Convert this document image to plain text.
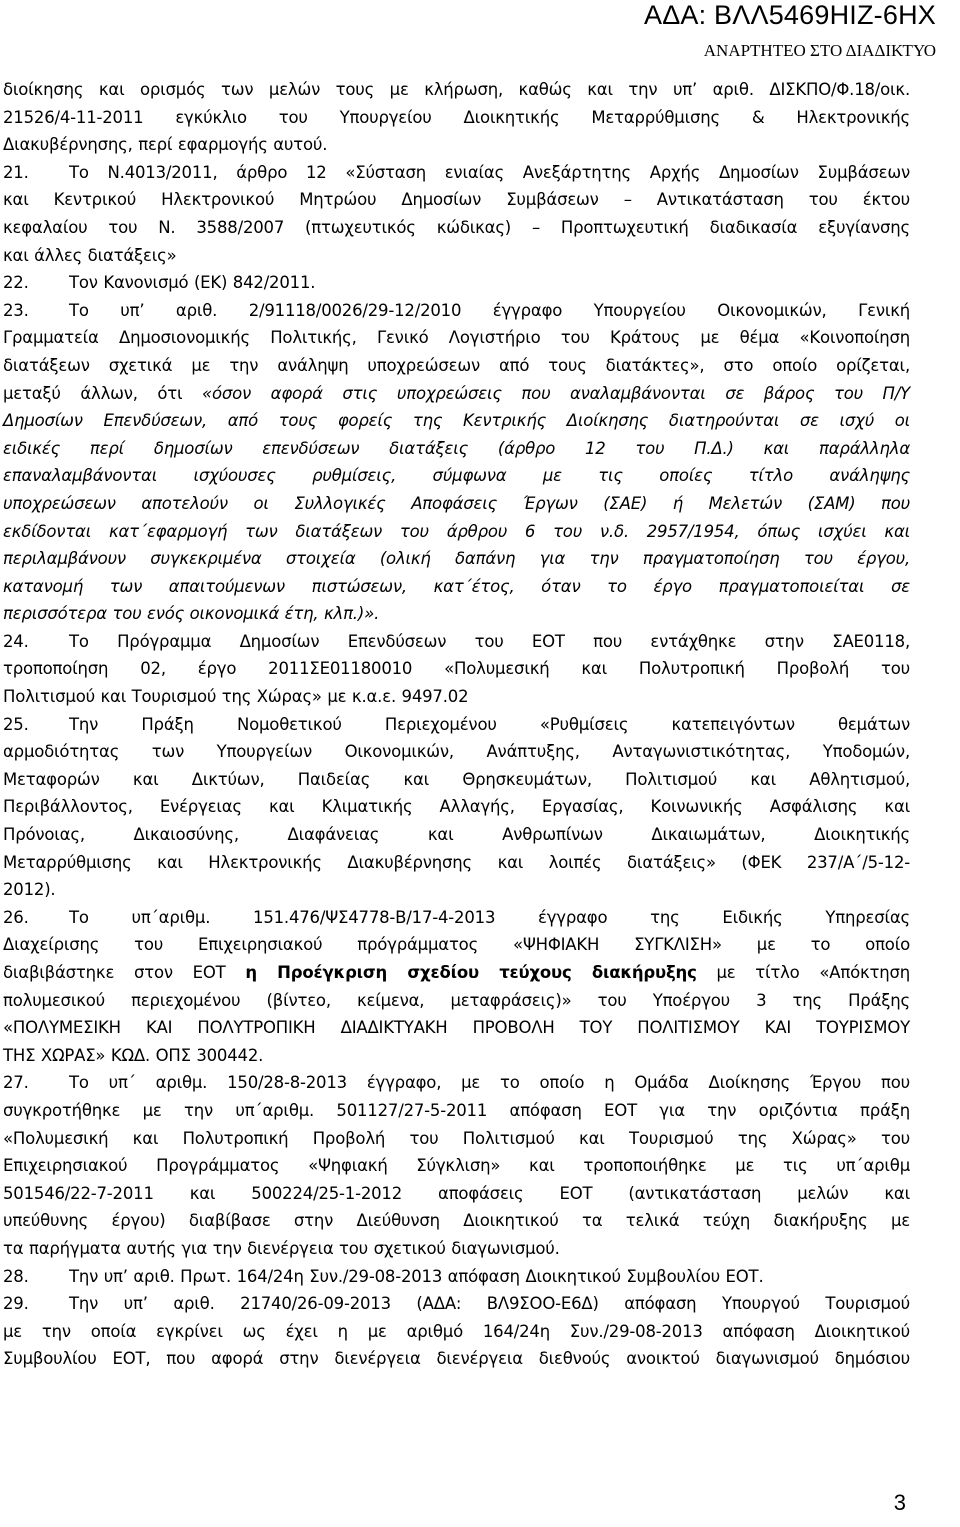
ΑΔΑ: ΒΛΛ5469ΗΙΖ-6ΗΧ
ΑΝΑΡΤΗΤΕΟ ΣΤΟ ΔΙΑΔΙΚΤΥΟ
διοίκησης και ορισμός των μελών τους με κλήρωση, καθώς και την υπ’ αριθ. ΔΙΣΚΠΟ/Φ.18/οικ.
21526/4-11-2011 εγκύκλιο του Υπουργείου Διοικητικής Μεταρρύθμισης & Ηλεκτρονικής
Διακυβέρνησης, περί εφαρμογής αυτού.
21. Το Ν.4013/2011, άρθρο 12 «Σύσταση ενιαίας Ανεξάρτητης Αρχής Δημοσίων Συμβάσεων
και Κεντρικού Ηλεκτρονικού Μητρώου Δημοσίων Συμβάσεων – Αντικατάσταση του έκτου
κεφαλαίου του Ν. 3588/2007 (πτωχευτικός κώδικας) – Προπτωχευτική διαδικασία εξυγίανσης
και άλλες διατάξεις»
22. Τον Κανονισμό (ΕΚ) 842/2011.
23. Το υπ’ αριθ. 2/91118/0026/29-12/2010 έγγραφο Υπουργείου Οικονομικών, Γενική
Γραμματεία Δημοσιονομικής Πολιτικής, Γενικό Λογιστήριο του Κράτους με θέμα «Κοινοποίηση
διατάξεων σχετικά με την ανάληψη υποχρεώσεων από τους διατάκτες», στο οποίο ορίζεται,
μεταξύ άλλων, ότι «όσον αφορά στις υποχρεώσεις που αναλαμβάνονται σε βάρος του Π/Υ
Δημοσίων Επενδύσεων, από τους φορείς της Κεντρικής Διοίκησης διατηρούνται σε ισχύ οι
ειδικές περί δημοσίων επενδύσεων διατάξεις (άρθρο 12 του Π.Δ.) και παράλληλα
επαναλαμβάνονται ισχύουσες ρυθμίσεις, σύμφωνα με τις οποίες τίτλο ανάληψης
υποχρεώσεων αποτελούν οι Συλλογικές Αποφάσεις Έργων (ΣΑΕ) ή Μελετών (ΣΑΜ) που
εκδίδονται κατ΄εφαρμογή των διατάξεων του άρθρου 6 του ν.δ. 2957/1954, όπως ισχύει και
περιλαμβάνουν συγκεκριμένα στοιχεία (ολική δαπάνη για την πραγματοποίηση του έργου,
κατανομή των απαιτούμενων πιστώσεων, κατ΄έτος, όταν το έργο πραγματοποιείται σε
περισσότερα του ενός οικονομικά έτη, κλπ.)».
24. Το Πρόγραμμα Δημοσίων Επενδύσεων του ΕΟΤ που εντάχθηκε στην ΣΑΕ0118,
τροποποίηση 02, έργο 2011ΣΕ01180010 «Πολυμεσική και Πολυτροπική Προβολή του
Πολιτισμού και Τουρισμού της Χώρας» με κ.α.ε. 9497.02
25. Την Πράξη Νομοθετικού Περιεχομένου «Ρυθμίσεις κατεπειγόντων θεμάτων
αρμοδιότητας των Υπουργείων Οικονομικών, Ανάπτυξης, Ανταγωνιστικότητας, Υποδομών,
Μεταφορών και Δικτύων, Παιδείας και Θρησκευμάτων, Πολιτισμού και Αθλητισμού,
Περιβάλλοντος, Ενέργειας και Κλιματικής Αλλαγής, Εργασίας, Κοινωνικής Ασφάλισης και
Πρόνοιας, Δικαιοσύνης, Διαφάνειας και Ανθρωπίνων Δικαιωμάτων, Διοικητικής
Μεταρρύθμισης και Ηλεκτρονικής Διακυβέρνησης και λοιπές διατάξεις» (ΦΕΚ 237/Α΄/5-12-
2012).
26. Το υπ΄αριθμ. 151.476/ΨΣ4778-Β/17-4-2013 έγγραφο της Ειδικής Υπηρεσίας
Διαχείρισης του Επιχειρησιακού πρόγράμματος «ΨΗΦΙΑΚΗ ΣΥΓΚΛΙΣΗ» με το οποίο
διαβιβάστηκε στον ΕΟΤ η Προέγκριση σχεδίου τεύχους διακήρυξης με τίτλο «Απόκτηση
πολυμεσικού περιεχομένου (βίντεο, κείμενα, μεταφράσεις)» του Υποέργου 3 της Πράξης
«ΠΟΛΥΜΕΣΙΚΗ ΚΑΙ ΠΟΛΥΤΡΟΠΙΚΗ ΔΙΑΔΙΚΤΥΑΚΗ ΠΡΟΒΟΛΗ ΤΟΥ ΠΟΛΙΤΙΣΜΟΥ ΚΑΙ ΤΟΥΡΙΣΜΟΥ
ΤΗΣ ΧΩΡΑΣ» ΚΩΔ. ΟΠΣ 300442.
27. Το υπ΄ αριθμ. 150/28-8-2013 έγγραφο, με το οποίο η Ομάδα Διοίκησης Έργου που
συγκροτήθηκε με την υπ΄αριθμ. 501127/27-5-2011 απόφαση ΕΟΤ για την οριζόντια πράξη
«Πολυμεσική και Πολυτροπική Προβολή του Πολιτισμού και Τουρισμού της Χώρας» του
Επιχειρησιακού Προγράμματος «Ψηφιακή Σύγκλιση» και τροποποιήθηκε με τις υπ΄αριθμ
501546/22-7-2011 και 500224/25-1-2012 αποφάσεις ΕΟΤ (αντικατάσταση μελών και
υπεύθυνης έργου) διαβίβασε στην Διεύθυνση Διοικητικού τα τελικά τεύχη διακήρυξης με
τα παρήγματα αυτής για την διενέργεια του σχετικού διαγωνισμού.
28. Την υπ’ αριθ. Πρωτ. 164/24η Συν./29-08-2013 απόφαση Διοικητικού Συμβουλίου ΕΟΤ.
29. Την υπ’ αριθ. 21740/26-09-2013 (ΑΔΑ: ΒΛ9ΣΟΟ-Ε6Δ) απόφαση Υπουργού Τουρισμού
με την οποία εγκρίνει ως έχει η με αριθμό 164/24η Συν./29-08-2013 απόφαση Διοικητικού
Συμβουλίου ΕΟΤ, που αφορά στην διενέργεια διενέργεια διεθνούς ανοικτού διαγωνισμού δημόσιου
3
